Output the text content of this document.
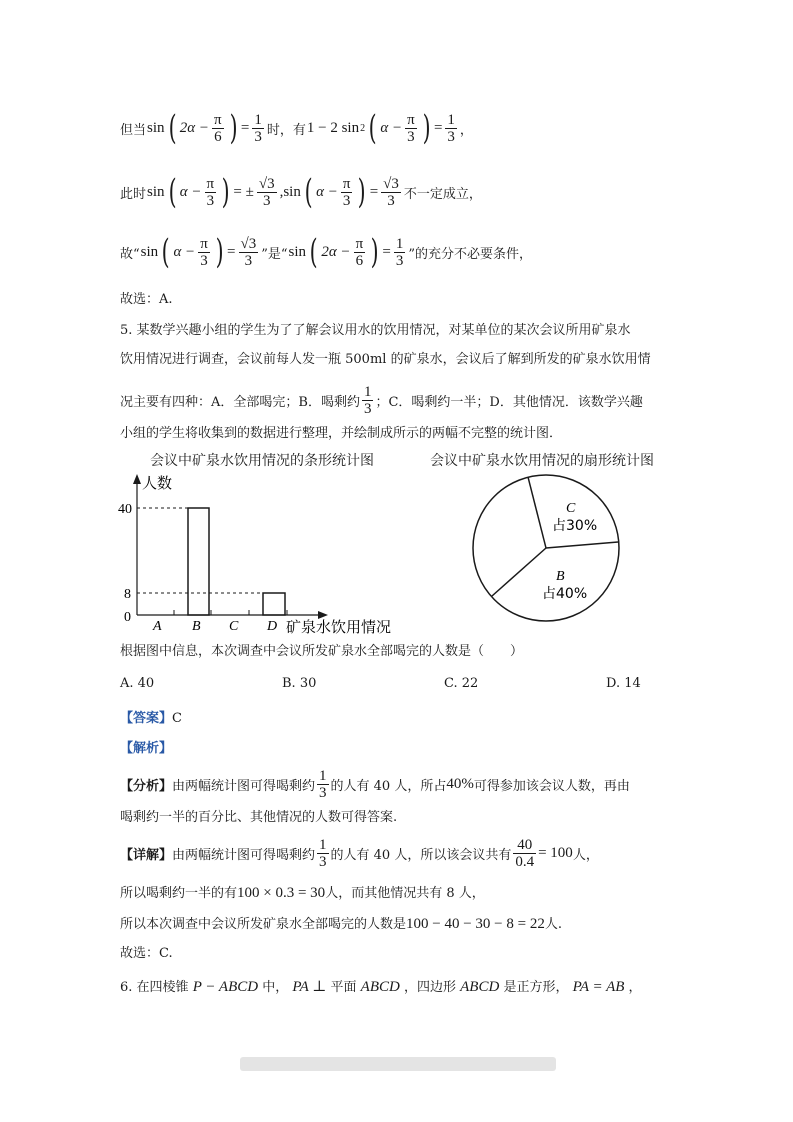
但当 sin ( $2\alpha - \frac{\pi}{6}$ ) = $\frac{1}{3}$ 时，有 1 − 2 sin 2 ( $\alpha - \frac{\pi}{3}$ ) = $\frac{1}{3}$ ，
此时 sin ( $\alpha - \frac{\pi}{3}$ ) = ± $\frac{√3}{3} ,\sin$ ( $\alpha - \frac{\pi}{3}$ ) = $\frac{√3}{3}$ 不一定成立，
故“ sin ( $\alpha - \frac{\pi}{3}$ ) = $\frac{√3}{3}$ ”是“ sin ( $2\alpha - \frac{\pi}{6}$ ) = $\frac{1}{3}$ ”的充分不必要条件，
故选：A.
5. 某数学兴趣小组的学生为了了解会议用水的饮用情况，对某单位的某次会议所用矿泉水
饮用情况进行调查，会议前每人发一瓶 500ml 的矿泉水，会议后了解到所发的矿泉水饮用情
况主要有四种：A．全部喝完；B．喝剩约 $\frac{1}{3}$ ；C．喝剩约一半；D．其他情况．该数学兴趣
小组的学生将收集到的数据进行整理，并绘制成所示的两幅不完整的统计图．
会议中矿泉水饮用情况的条形统计图	会议中矿泉水饮用情况的扇形统计图
40
8
0
人数
A B C D 矿泉水饮用情况
C
占30%
B
占40%
根据图中信息，本次调查中会议所发矿泉水全部喝完的人数是（　　）
A. 40	B. 30	C. 22	D. 14
【答案】C
【解析】
【分析】 由两幅统计图可得喝剩约 $\frac{1}{3}$ 的人有 40 人，所占 40% 可得参加该会议人数，再由
喝剩约一半的百分比、其他情况的人数可得答案.
【详解】 由两幅统计图可得喝剩约 $\frac{1}{3}$ 的人有 40 人，所以该会议共有 $\frac{40}{0.4} = 100$ 人，
所以喝剩约一半的有100 × 0.3 = 30人，而其他情况共有 8 人，
所以本次调查中会议所发矿泉水全部喝完的人数是100 − 40 − 30 − 8 = 22人.
故选：C.
6. 在四棱锥 P − ABCD 中， PA ⊥ 平面 ABCD ，四边形 ABCD 是正方形， PA = AB ，
